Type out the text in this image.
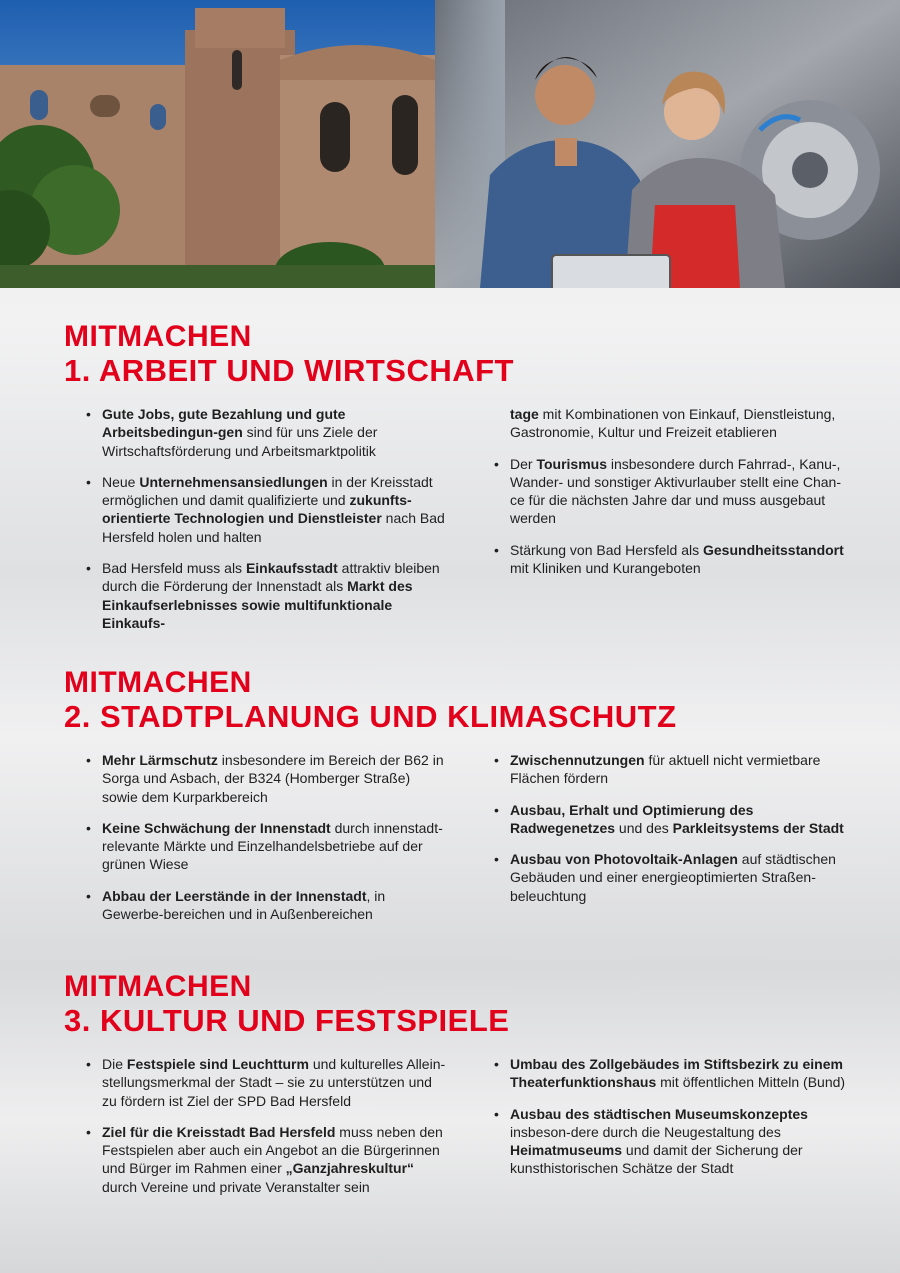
MITMACHEN
1. ARBEIT UND WIRTSCHAFT

• Gute Jobs, gute Bezahlung und gute Arbeitsbedingun-gen sind für uns Ziele der Wirtschaftsförderung und Arbeitsmarktpolitik

• Neue Unternehmensansiedlungen in der Kreisstadt ermöglichen und damit qualifizierte und zukunfts-orientierte Technologien und Dienstleister nach Bad Hersfeld holen und halten

• Bad Hersfeld muss als Einkaufsstadt attraktiv bleiben durch die Förderung der Innenstadt als Markt des Einkaufserlebnisses sowie multifunktionale Einkaufs-

tage mit Kombinationen von Einkauf, Dienstleistung, Gastronomie, Kultur und Freizeit etablieren

• Der Tourismus insbesondere durch Fahrrad-, Kanu-, Wander- und sonstiger Aktivurlauber stellt eine Chan-ce für die nächsten Jahre dar und muss ausgebaut werden

• Stärkung von Bad Hersfeld als Gesundheitsstandort mit Kliniken und Kurangeboten

MITMACHEN
2. STADTPLANUNG UND KLIMASCHUTZ

• Mehr Lärmschutz insbesondere im Bereich der B62 in Sorga und Asbach, der B324 (Homberger Straße) sowie dem Kurparkbereich

• Keine Schwächung der Innenstadt durch innenstadt-relevante Märkte und Einzelhandelsbetriebe auf der grünen Wiese

• Abbau der Leerstände in der Innenstadt, in Gewerbe-bereichen und in Außenbereichen

• Zwischennutzungen für aktuell nicht vermietbare Flächen fördern

• Ausbau, Erhalt und Optimierung des Radwegenetzes und des Parkleitsystems der Stadt

• Ausbau von Photovoltaik-Anlagen auf städtischen Gebäuden und einer energieoptimierten Straßen-beleuchtung

MITMACHEN
3. KULTUR UND FESTSPIELE

• Die Festspiele sind Leuchtturm und kulturelles Allein-stellungsmerkmal der Stadt – sie zu unterstützen und zu fördern ist Ziel der SPD Bad Hersfeld

• Ziel für die Kreisstadt Bad Hersfeld muss neben den Festspielen aber auch ein Angebot an die Bürgerinnen und Bürger im Rahmen einer „Ganzjahreskultur“ durch Vereine und private Veranstalter sein

• Umbau des Zollgebäudes im Stiftsbezirk zu einem Theaterfunktionshaus mit öffentlichen Mitteln (Bund)

• Ausbau des städtischen Museumskonzeptes insbeson-dere durch die Neugestaltung des Heimatmuseums und damit der Sicherung der kunsthistorischen Schätze der Stadt
